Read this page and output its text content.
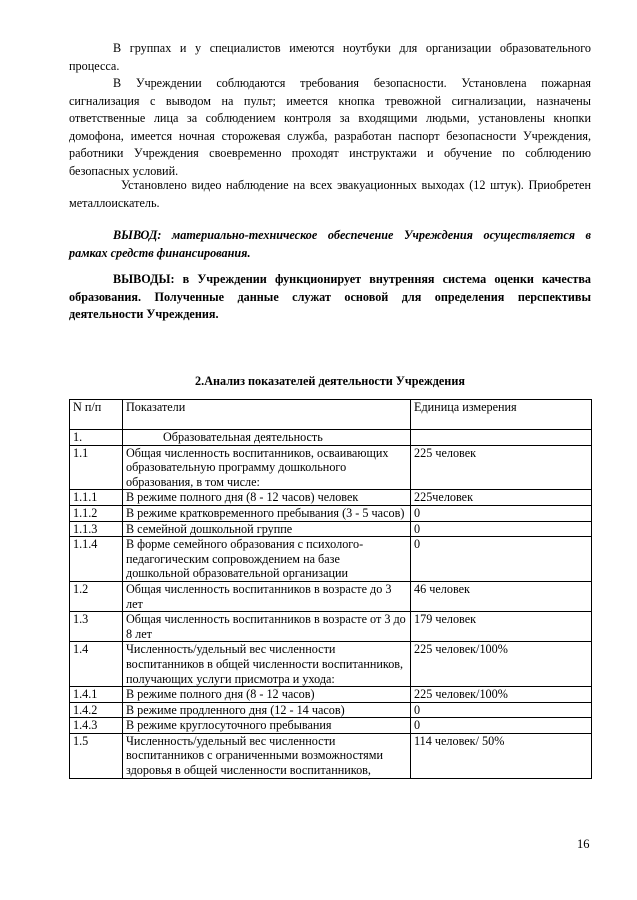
В группах и у специалистов имеются ноутбуки для организации образовательного процесса.

В Учреждении соблюдаются требования безопасности. Установлена пожарная сигнализация с выводом на пульт; имеется кнопка тревожной сигнализации, назначены ответственные лица за соблюдением контроля за входящими людьми, установлены кнопки домофона, имеется ночная сторожевая служба, разработан паспорт безопасности Учреждения, работники Учреждения своевременно проходят инструктажи и обучение по соблюдению безопасных условий.

Установлено видео наблюдение на всех эвакуационных выходах (12 штук). Приобретен металлоискатель.

ВЫВОД: материально-техническое обеспечение Учреждения осуществляется в рамках средств финансирования.

ВЫВОДЫ: в Учреждении функционирует внутренняя система оценки качества образования. Полученные данные служат основой для определения перспективы деятельности Учреждения.

2.Анализ показателей деятельности Учреждения
N п/п	Показатели	Единица измерения
1.	Образовательная деятельность	
1.1	Общая численность воспитанников, осваивающих образовательную программу дошкольного образования, в том числе:	225 человек
1.1.1	В режиме полного дня (8 - 12 часов) человек	225человек
1.1.2	В режиме кратковременного пребывания (3 - 5 часов)	0
1.1.3	В семейной дошкольной группе	0
1.1.4	В форме семейного образования с психолого-педагогическим сопровождением на базе дошкольной образовательной организации	0
1.2	Общая численность воспитанников в возрасте до 3 лет	46 человек
1.3	Общая численность воспитанников в возрасте от 3 до 8 лет	179 человек
1.4	Численность/удельный вес численности воспитанников в общей численности воспитанников, получающих услуги присмотра и ухода:	225 человек/100%
1.4.1	В режиме полного дня (8 - 12 часов)	225 человек/100%
1.4.2	В режиме продленного дня (12 - 14 часов)	0
1.4.3	В режиме круглосуточного пребывания	0
1.5	Численность/удельный вес численности воспитанников с ограниченными возможностями здоровья в общей численности воспитанников,	114 человек/ 50%
16
